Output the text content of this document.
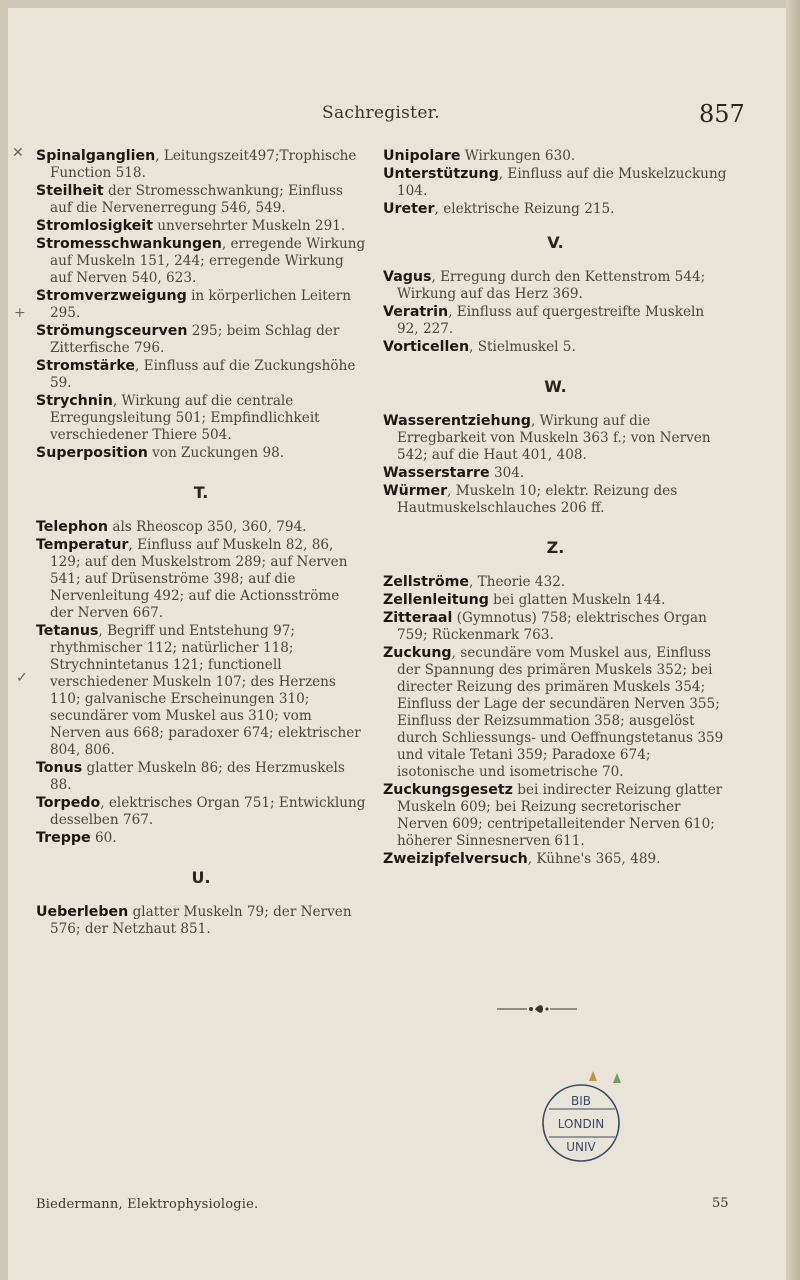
Sachregister.	857
✕
+
✓

Spinalganglien, Leitungszeit497;Trophische Function 518.

Steilheit der Stromesschwankung; Einfluss auf die Nervenerregung 546, 549.

Stromlosigkeit unversehrter Muskeln 291.

Stromesschwankungen, erregende Wirkung auf Muskeln 151, 244; erregende Wirkung auf Nerven 540, 623.

Stromverzweigung in körperlichen Leitern 295.

Strömungsceurven 295; beim Schlag der Zitterfische 796.

Stromstärke, Einfluss auf die Zuckungshöhe 59.

Strychnin, Wirkung auf die centrale Erregungsleitung 501; Empfindlichkeit verschiedener Thiere 504.

Superposition von Zuckungen 98.

T.

Telephon als Rheoscop 350, 360, 794.

Temperatur, Einfluss auf Muskeln 82, 86, 129; auf den Muskelstrom 289; auf Nerven 541; auf Drüsenströme 398; auf die Nervenleitung 492; auf die Actionsströme der Nerven 667.

Tetanus, Begriff und Entstehung 97; rhythmischer 112; natürlicher 118; Strychnintetanus 121; functionell verschiedener Muskeln 107; des Herzens 110; galvanische Erscheinungen 310; secundärer vom Muskel aus 310; vom Nerven aus 668; paradoxer 674; elektrischer 804, 806.

Tonus glatter Muskeln 86; des Herzmuskels 88.

Torpedo, elektrisches Organ 751; Entwicklung desselben 767.

Treppe 60.

U.

Ueberleben glatter Muskeln 79; der Nerven 576; der Netzhaut 851.

Unipolare Wirkungen 630.

Unterstützung, Einfluss auf die Muskelzuckung 104.

Ureter, elektrische Reizung 215.

V.

Vagus, Erregung durch den Kettenstrom 544; Wirkung auf das Herz 369.

Veratrin, Einfluss auf quergestreifte Muskeln 92, 227.

Vorticellen, Stielmuskel 5.

W.

Wasserentziehung, Wirkung auf die Erregbarkeit von Muskeln 363 f.; von Nerven 542; auf die Haut 401, 408.

Wasserstarre 304.

Würmer, Muskeln 10; elektr. Reizung des Hautmuskelschlauches 206 ff.

Z.

Zellströme, Theorie 432.

Zellenleitung bei glatten Muskeln 144.

Zitteraal (Gymnotus) 758; elektrisches Organ 759; Rückenmark 763.

Zuckung, secundäre vom Muskel aus, Einfluss der Spannung des primären Muskels 352; bei directer Reizung des primären Muskels 354; Einfluss der Lage der secundären Nerven 355; Einfluss der Reizsummation 358; ausgelöst durch Schliessungs- und Oeffnungstetanus 359 und vitale Tetani 359; Paradoxe 674; isotonische und isometrische 70.

Zuckungsgesetz bei indirecter Reizung glatter Muskeln 609; bei Reizung secretorischer Nerven 609; centripetalleitender Nerven 610; höherer Sinnesnerven 611.

Zweizipfelversuch, Kühne's 365, 489.

BIB
LONDIN
UNIV
Biedermann, Elektrophysiologie.	55
